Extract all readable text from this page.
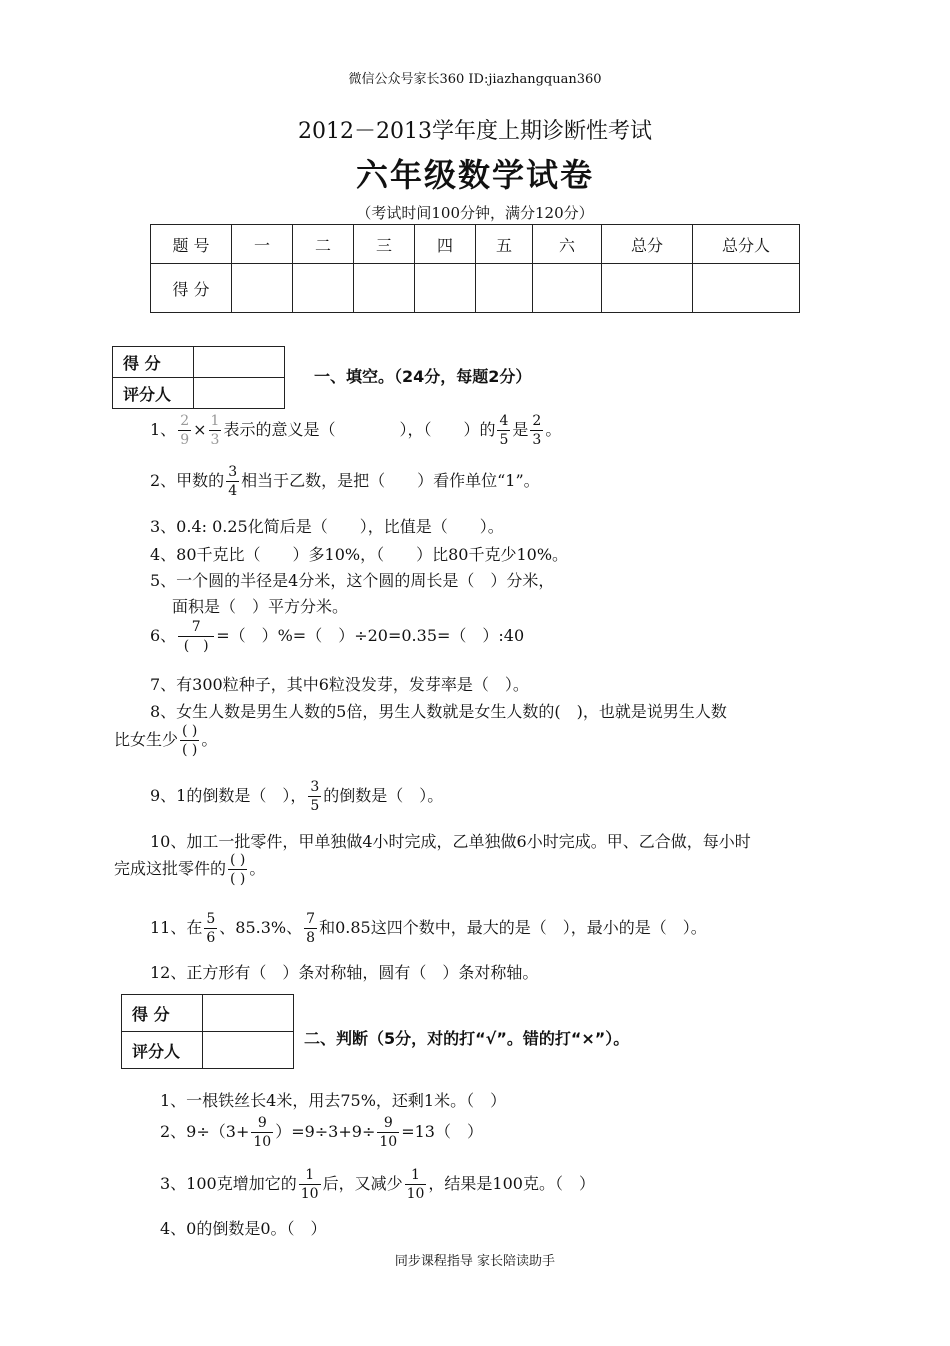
微信公众号家长360 ID:jiazhangquan360
2012－2013学年度上期诊断性考试
六年级数学试卷
（考试时间100分钟，满分120分）
题 号	一	二	三	四	五	六	总分	总分人
得 分								
得 分	
评分人	
一、填空。（24分，每题2分）
1、 $\frac{2}{9} \times \frac{1}{3}$ 表示的意义是（　　　　），（　　）的 $\frac{4}{5}$ 是 $\frac{2}{3}$ 。
2、甲数的 $\frac{3}{4}$ 相当于乙数，是把（　　）看作单位“1”。
3、0.4: 0.25化简后是（　　），比值是（　　）。
4、80千克比（　　）多10%，（　　）比80千克少10%。
5、一个圆的半径是4分米，这个圆的周长是（　）分米，
面积是（　）平方分米。
6、	7
(　)
=（　）%=（　）÷20=0.35=（　）:40
7、有300粒种子，其中6粒没发芽，发芽率是（　）。
8、女生人数是男生人数的5倍，男生人数就是女生人数的(　)，也就是说男生人数
比女生少 ( )
( )
。
9、1的倒数是（　）， $\frac{3}{5}$ 的倒数是（　）。
10、加工一批零件，甲单独做4小时完成，乙单独做6小时完成。甲、乙合做，每小时
完成这批零件的 ( )
( )
。
11、在 $\frac{5}{6}$ 、85.3%、 $\frac{7}{8}$ 和0.85这四个数中，最大的是（　），最小的是（　）。
12、正方形有（　）条对称轴，圆有（　）条对称轴。
得 分	
评分人	
二、判断（5分，对的打“√”。错的打“×”）。
1、一根铁丝长4米，用去75%，还剩1米。（　）
2、$9\div(3+ \frac{9}{10} )=9\div 3+9\div \frac{9}{10} =13$（　）
3、100克增加它的 $\frac{1}{10}$ 后，又减少 $\frac{1}{10}$ ，结果是100克。（　）
4、0的倒数是0。（　）
同步课程指导 家长陪读助手
